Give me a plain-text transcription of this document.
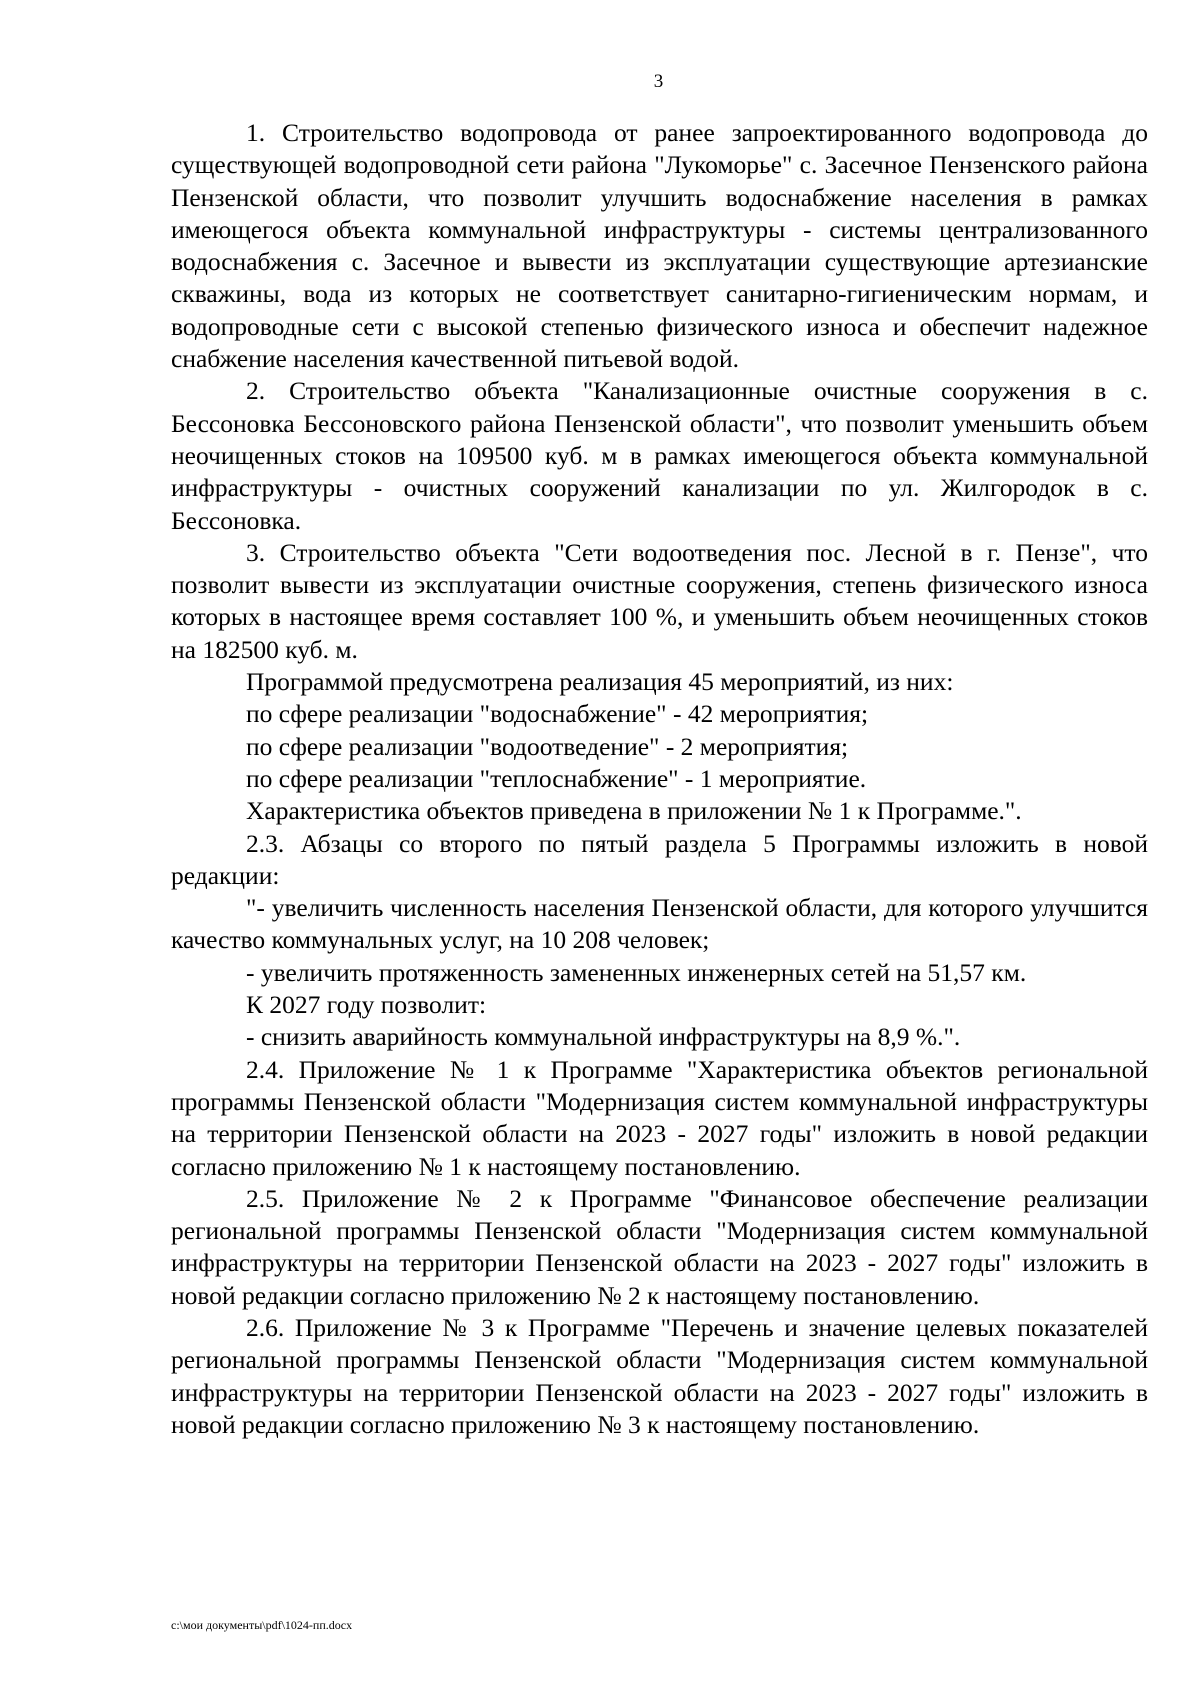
3

1. Строительство водопровода от ранее запроектированного водопровода до существующей водопроводной сети района "Лукоморье" с. Засечное Пензенского района Пензенской области, что позволит улучшить водоснабжение населения в рамках имеющегося объекта коммунальной инфраструктуры - системы централизованного водоснабжения с. Засечное и вывести из эксплуатации существующие артезианские скважины, вода из которых не соответствует санитарно-гигиеническим нормам, и водопроводные сети с высокой степенью физического износа и обеспечит надежное снабжение населения качественной питьевой водой.

2. Строительство объекта "Канализационные очистные сооружения в с. Бессоновка Бессоновского района Пензенской области", что позволит уменьшить объем неочищенных стоков на 109500 куб. м в рамках имеющегося объекта коммунальной инфраструктуры - очистных сооружений канализации по ул. Жилгородок в с. Бессоновка.

3. Строительство объекта "Сети водоотведения пос. Лесной в г. Пензе", что позволит вывести из эксплуатации очистные сооружения, степень физического износа которых в настоящее время составляет 100 %, и уменьшить объем неочищенных стоков на 182500 куб. м.

Программой предусмотрена реализация 45 мероприятий, из них:

по сфере реализации "водоснабжение" - 42 мероприятия;

по сфере реализации "водоотведение" - 2 мероприятия;

по сфере реализации "теплоснабжение" - 1 мероприятие.

Характеристика объектов приведена в приложении № 1 к Программе.".

2.3. Абзацы со второго по пятый раздела 5 Программы изложить в новой редакции:

"- увеличить численность населения Пензенской области, для которого улучшится качество коммунальных услуг, на 10 208 человек;

- увеличить протяженность замененных инженерных сетей на 51,57 км.

К 2027 году позволит:

- снизить аварийность коммунальной инфраструктуры на 8,9 %.".

2.4. Приложение № 1 к Программе "Характеристика объектов региональной программы Пензенской области "Модернизация систем коммунальной инфраструктуры на территории Пензенской области на 2023 - 2027 годы" изложить в новой редакции согласно приложению № 1 к настоящему постановлению.

2.5. Приложение № 2 к Программе "Финансовое обеспечение реализации региональной программы Пензенской области "Модернизация систем коммунальной инфраструктуры на территории Пензенской области на 2023 - 2027 годы" изложить в новой редакции согласно приложению № 2 к настоящему постановлению.

2.6. Приложение № 3 к Программе "Перечень и значение целевых показателей региональной программы Пензенской области "Модернизация систем коммунальной инфраструктуры на территории Пензенской области на 2023 - 2027 годы" изложить в новой редакции согласно приложению № 3 к настоящему постановлению.

c:\мои документы\pdf\1024-пп.docx
